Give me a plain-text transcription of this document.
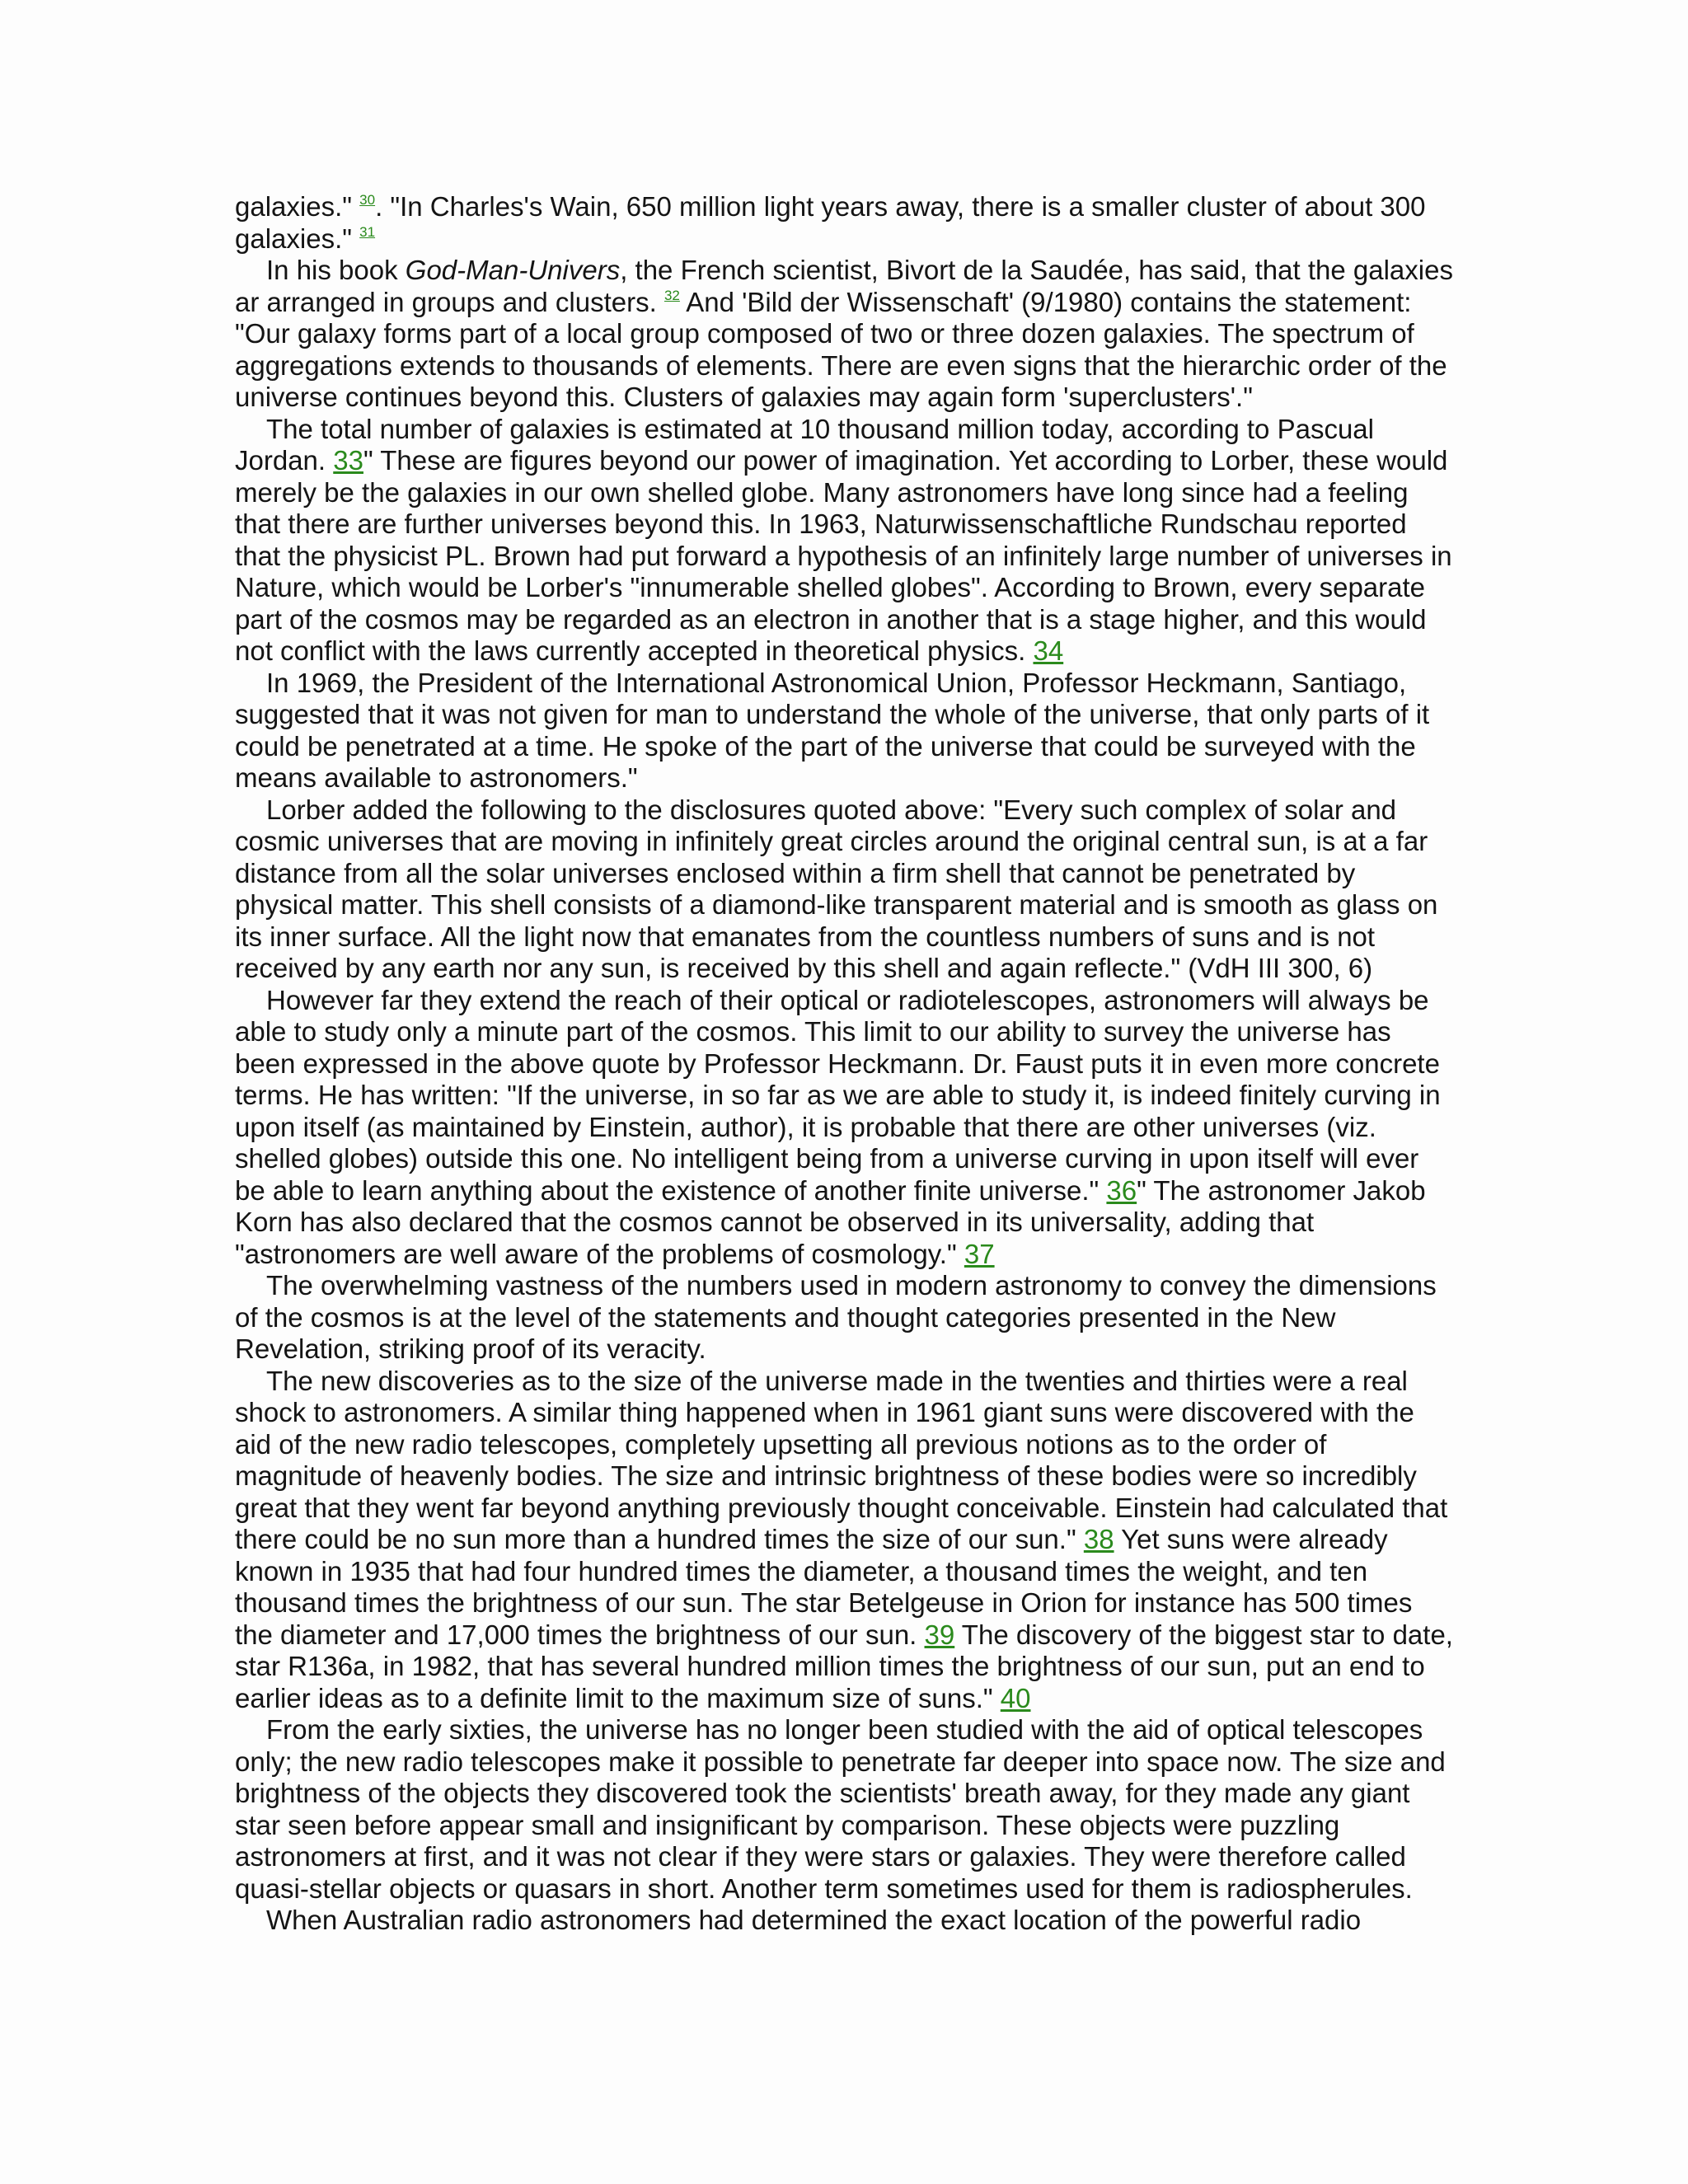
galaxies." $^{30}$. "In Charles's Wain, 650 million light years away, there is a smaller cluster of about 300 galaxies." $^{31}$

In his book God-Man-Univers, the French scientist, Bivort de la Saudée, has said, that the galaxies ar arranged in groups and clusters. $^{32}$ And 'Bild der Wissenschaft' (9/1980) contains the statement: "Our galaxy forms part of a local group composed of two or three dozen galaxies. The spectrum of aggregations extends to thousands of elements. There are even signs that the hierarchic order of the universe continues beyond this. Clusters of galaxies may again form 'superclusters'."

The total number of galaxies is estimated at 10 thousand million today, according to Pascual Jordan. 33" These are figures beyond our power of imagination. Yet according to Lorber, these would merely be the galaxies in our own shelled globe. Many astronomers have long since had a feeling that there are further universes beyond this. In 1963, Naturwissenschaftliche Rundschau reported that the physicist PL. Brown had put forward a hypothesis of an infinitely large number of universes in Nature, which would be Lorber's "innumerable shelled globes". According to Brown, every separate part of the cosmos may be regarded as an electron in another that is a stage higher, and this would not conflict with the laws currently accepted in theoretical physics. 34

In 1969, the President of the International Astronomical Union, Professor Heckmann, Santiago, suggested that it was not given for man to understand the whole of the universe, that only parts of it could be penetrated at a time. He spoke of the part of the universe that could be surveyed with the means available to astronomers."

Lorber added the following to the disclosures quoted above: "Every such complex of solar and cosmic universes that are moving in infinitely great circles around the original central sun, is at a far distance from all the solar universes enclosed within a firm shell that cannot be penetrated by physical matter. This shell consists of a diamond-like transparent material and is smooth as glass on its inner surface. All the light now that emanates from the countless numbers of suns and is not received by any earth nor any sun, is received by this shell and again reflecte." (VdH III 300, 6)

However far they extend the reach of their optical or radiotelescopes, astronomers will always be able to study only a minute part of the cosmos. This limit to our ability to survey the universe has been expressed in the above quote by Professor Heckmann. Dr. Faust puts it in even more concrete terms. He has written: "If the universe, in so far as we are able to study it, is indeed finitely curving in upon itself (as maintained by Einstein, author), it is probable that there are other universes (viz. shelled globes) outside this one. No intelligent being from a universe curving in upon itself will ever be able to learn anything about the existence of another finite universe." 36" The astronomer Jakob Korn has also declared that the cosmos cannot be observed in its universality, adding that "astronomers are well aware of the problems of cosmology." 37

The overwhelming vastness of the numbers used in modern astronomy to convey the dimensions of the cosmos is at the level of the statements and thought categories presented in the New Revelation, striking proof of its veracity.

The new discoveries as to the size of the universe made in the twenties and thirties were a real shock to astronomers. A similar thing happened when in 1961 giant suns were discovered with the aid of the new radio telescopes, completely upsetting all previous notions as to the order of magnitude of heavenly bodies. The size and intrinsic brightness of these bodies were so incredibly great that they went far beyond anything previously thought conceivable. Einstein had calculated that there could be no sun more than a hundred times the size of our sun." 38 Yet suns were already known in 1935 that had four hundred times the diameter, a thousand times the weight, and ten thousand times the brightness of our sun. The star Betelgeuse in Orion for instance has 500 times the diameter and 17,000 times the brightness of our sun. 39 The discovery of the biggest star to date, star R136a, in 1982, that has several hundred million times the brightness of our sun, put an end to earlier ideas as to a definite limit to the maximum size of suns." 40

From the early sixties, the universe has no longer been studied with the aid of optical telescopes only; the new radio telescopes make it possible to penetrate far deeper into space now. The size and brightness of the objects they discovered took the scientists' breath away, for they made any giant star seen before appear small and insignificant by comparison. These objects were puzzling astronomers at first, and it was not clear if they were stars or galaxies. They were therefore called quasi-stellar objects or quasars in short. Another term sometimes used for them is radiospherules.

When Australian radio astronomers had determined the exact location of the powerful radio
